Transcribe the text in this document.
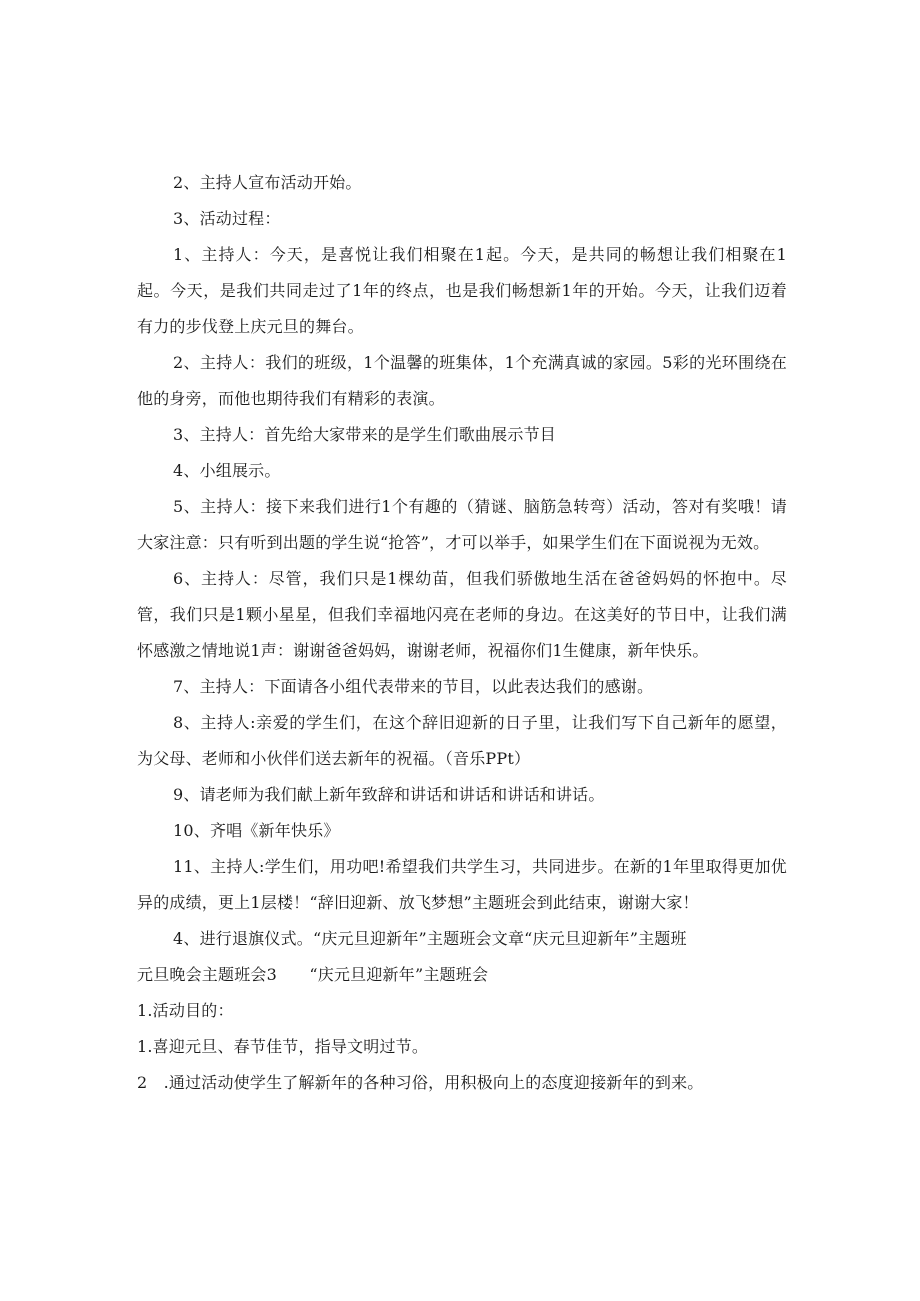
2、主持人宣布活动开始。

3、活动过程：

1、主持人：今天，是喜悦让我们相聚在1起。今天，是共同的畅想让我们相聚在1起。今天，是我们共同走过了1年的终点，也是我们畅想新1年的开始。今天，让我们迈着有力的步伐登上庆元旦的舞台。

2、主持人：我们的班级，1个温馨的班集体，1个充满真诚的家园。5彩的光环围绕在他的身旁，而他也期待我们有精彩的表演。

3、主持人：首先给大家带来的是学生们歌曲展示节目

4、小组展示。

5、主持人：接下来我们进行1个有趣的（猜谜、脑筋急转弯）活动，答对有奖哦！请大家注意：只有听到出题的学生说“抢答”，才可以举手，如果学生们在下面说视为无效。

6、主持人：尽管，我们只是1棵幼苗，但我们骄傲地生活在爸爸妈妈的怀抱中。尽管，我们只是1颗小星星，但我们幸福地闪亮在老师的身边。在这美好的节日中，让我们满怀感激之情地说1声：谢谢爸爸妈妈，谢谢老师，祝福你们1生健康，新年快乐。

7、主持人：下面请各小组代表带来的节目，以此表达我们的感谢。

8、主持人:亲爱的学生们，在这个辞旧迎新的日子里，让我们写下自己新年的愿望，为父母、老师和小伙伴们送去新年的祝福。（音乐PPt）

9、请老师为我们献上新年致辞和讲话和讲话和讲话和讲话。

10、齐唱《新年快乐》

11、主持人:学生们，用功吧!希望我们共学生习，共同进步。在新的1年里取得更加优异的成绩，更上1层楼！“辞旧迎新、放飞梦想”主题班会到此结束，谢谢大家！

4、进行退旗仪式。“庆元旦迎新年”主题班会文章“庆元旦迎新年”主题班

元旦晚会主题班会3　　“庆元旦迎新年”主题班会

1.活动目的：

1.喜迎元旦、春节佳节，指导文明过节。

2　.通过活动使学生了解新年的各种习俗，用积极向上的态度迎接新年的到来。
